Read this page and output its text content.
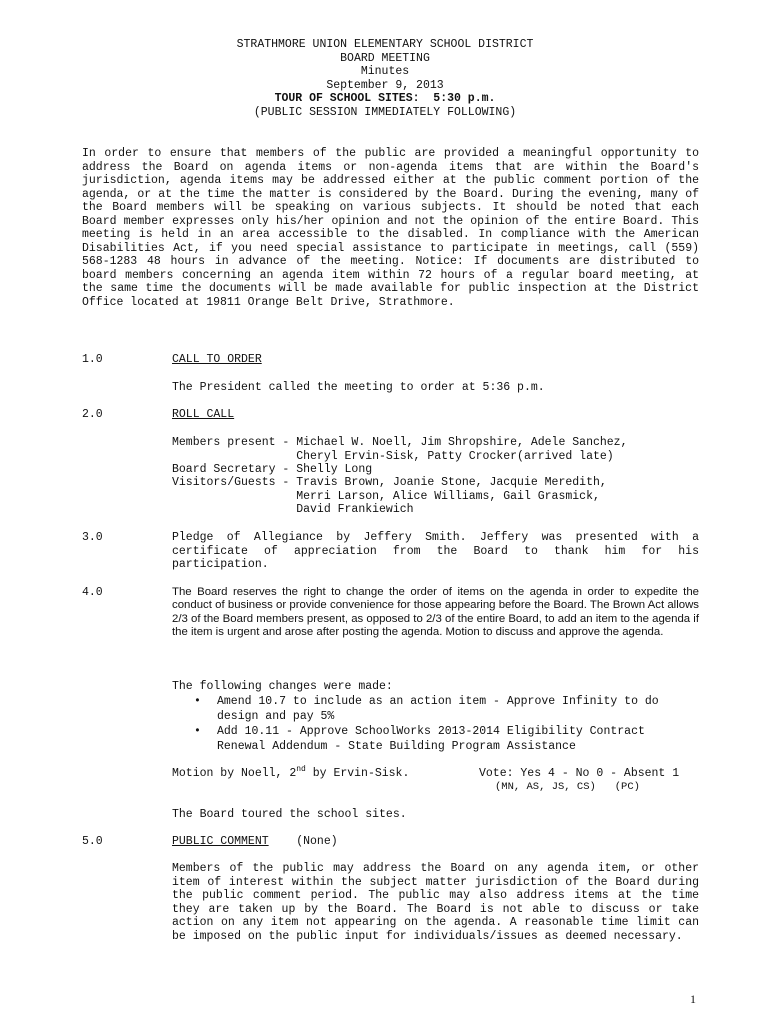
STRATHMORE UNION ELEMENTARY SCHOOL DISTRICT
BOARD MEETING
Minutes
September 9, 2013
TOUR OF SCHOOL SITES:  5:30 p.m.
(PUBLIC SESSION IMMEDIATELY FOLLOWING)

In order to ensure that members of the public are provided a meaningful opportunity to address the Board on agenda items or non-agenda items that are within the Board's jurisdiction, agenda items may be addressed either at the public comment portion of the agenda, or at the time the matter is considered by the Board. During the evening, many of the Board members will be speaking on various subjects. It should be noted that each Board member expresses only his/her opinion and not the opinion of the entire Board. This meeting is held in an area accessible to the disabled. In compliance with the American Disabilities Act, if you need special assistance to participate in meetings, call (559) 568-1283 48 hours in advance of the meeting. Notice: If documents are distributed to board members concerning an agenda item within 72 hours of a regular board meeting, at the same time the documents will be made available for public inspection at the District Office located at 19811 Orange Belt Drive, Strathmore.

1.0	CALL TO ORDER
The President called the meeting to order at 5:36 p.m.
2.0	ROLL CALL
Members present - Michael W. Noell, Jim Shropshire, Adele Sanchez,
Cheryl Ervin-Sisk, Patty Crocker(arrived late)
Board Secretary - Shelly Long
Visitors/Guests - Travis Brown, Joanie Stone, Jacquie Meredith,
Merri Larson, Alice Williams, Gail Grasmick,
David Frankiewich
3.0	Pledge of Allegiance by Jeffery Smith. Jeffery was presented with a certificate of appreciation from the Board to thank him for his participation.

4.0	The Board reserves the right to change the order of items on the agenda in order to expedite the conduct of business or provide convenience for those appearing before the Board. The Brown Act allows 2/3 of the Board members present, as opposed to 2/3 of the entire Board, to add an item to the agenda if the item is urgent and arose after posting the agenda. Motion to discuss and approve the agenda.

The following changes were made:
• Amend 10.7 to include as an action item - Approve Infinity to do design and pay 5%
• Add 10.11 - Approve SchoolWorks 2013-2014 Eligibility Contract Renewal Addendum - State Building Program Assistance
Motion by Noell, 2nd by Ervin-Sisk.	Vote: Yes 4 - No 0 - Absent 1
(MN, AS, JS, CS)   (PC)
The Board toured the school sites.
5.0	PUBLIC COMMENT    (None)

Members of the public may address the Board on any agenda item, or other item of interest within the subject matter jurisdiction of the Board during the public comment period. The public may also address items at the time they are taken up by the Board. The Board is not able to discuss or take action on any item not appearing on the agenda. A reasonable time limit can be imposed on the public input for individuals/issues as deemed necessary.

1
